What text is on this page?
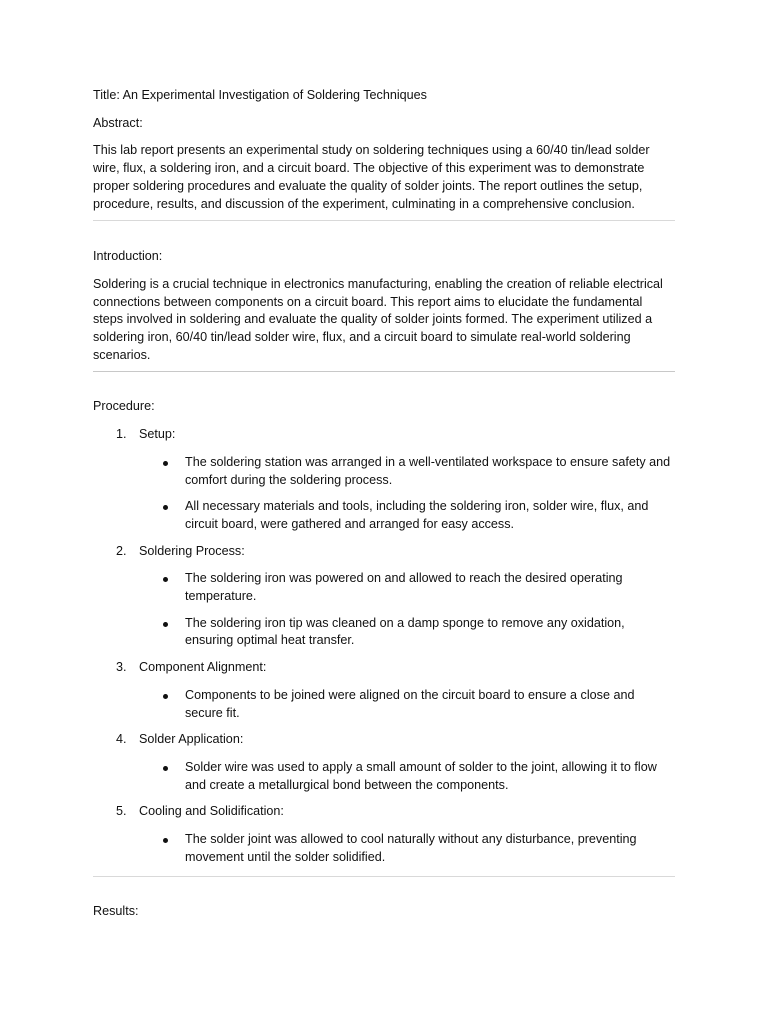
Title: An Experimental Investigation of Soldering Techniques

Abstract:

This lab report presents an experimental study on soldering techniques using a 60/40 tin/lead solder wire, flux, a soldering iron, and a circuit board. The objective of this experiment was to demonstrate proper soldering procedures and evaluate the quality of solder joints. The report outlines the setup, procedure, results, and discussion of the experiment, culminating in a comprehensive conclusion.

Introduction:

Soldering is a crucial technique in electronics manufacturing, enabling the creation of reliable electrical connections between components on a circuit board. This report aims to elucidate the fundamental steps involved in soldering and evaluate the quality of solder joints formed. The experiment utilized a soldering iron, 60/40 tin/lead solder wire, flux, and a circuit board to simulate real-world soldering scenarios.

Procedure:

1. Setup:
The soldering station was arranged in a well-ventilated workspace to ensure safety and comfort during the soldering process.
All necessary materials and tools, including the soldering iron, solder wire, flux, and circuit board, were gathered and arranged for easy access.
2. Soldering Process:
The soldering iron was powered on and allowed to reach the desired operating temperature.
The soldering iron tip was cleaned on a damp sponge to remove any oxidation, ensuring optimal heat transfer.
3. Component Alignment:
Components to be joined were aligned on the circuit board to ensure a close and secure fit.
4. Solder Application:
Solder wire was used to apply a small amount of solder to the joint, allowing it to flow and create a metallurgical bond between the components.
5. Cooling and Solidification:
The solder joint was allowed to cool naturally without any disturbance, preventing movement until the solder solidified.

Results:
